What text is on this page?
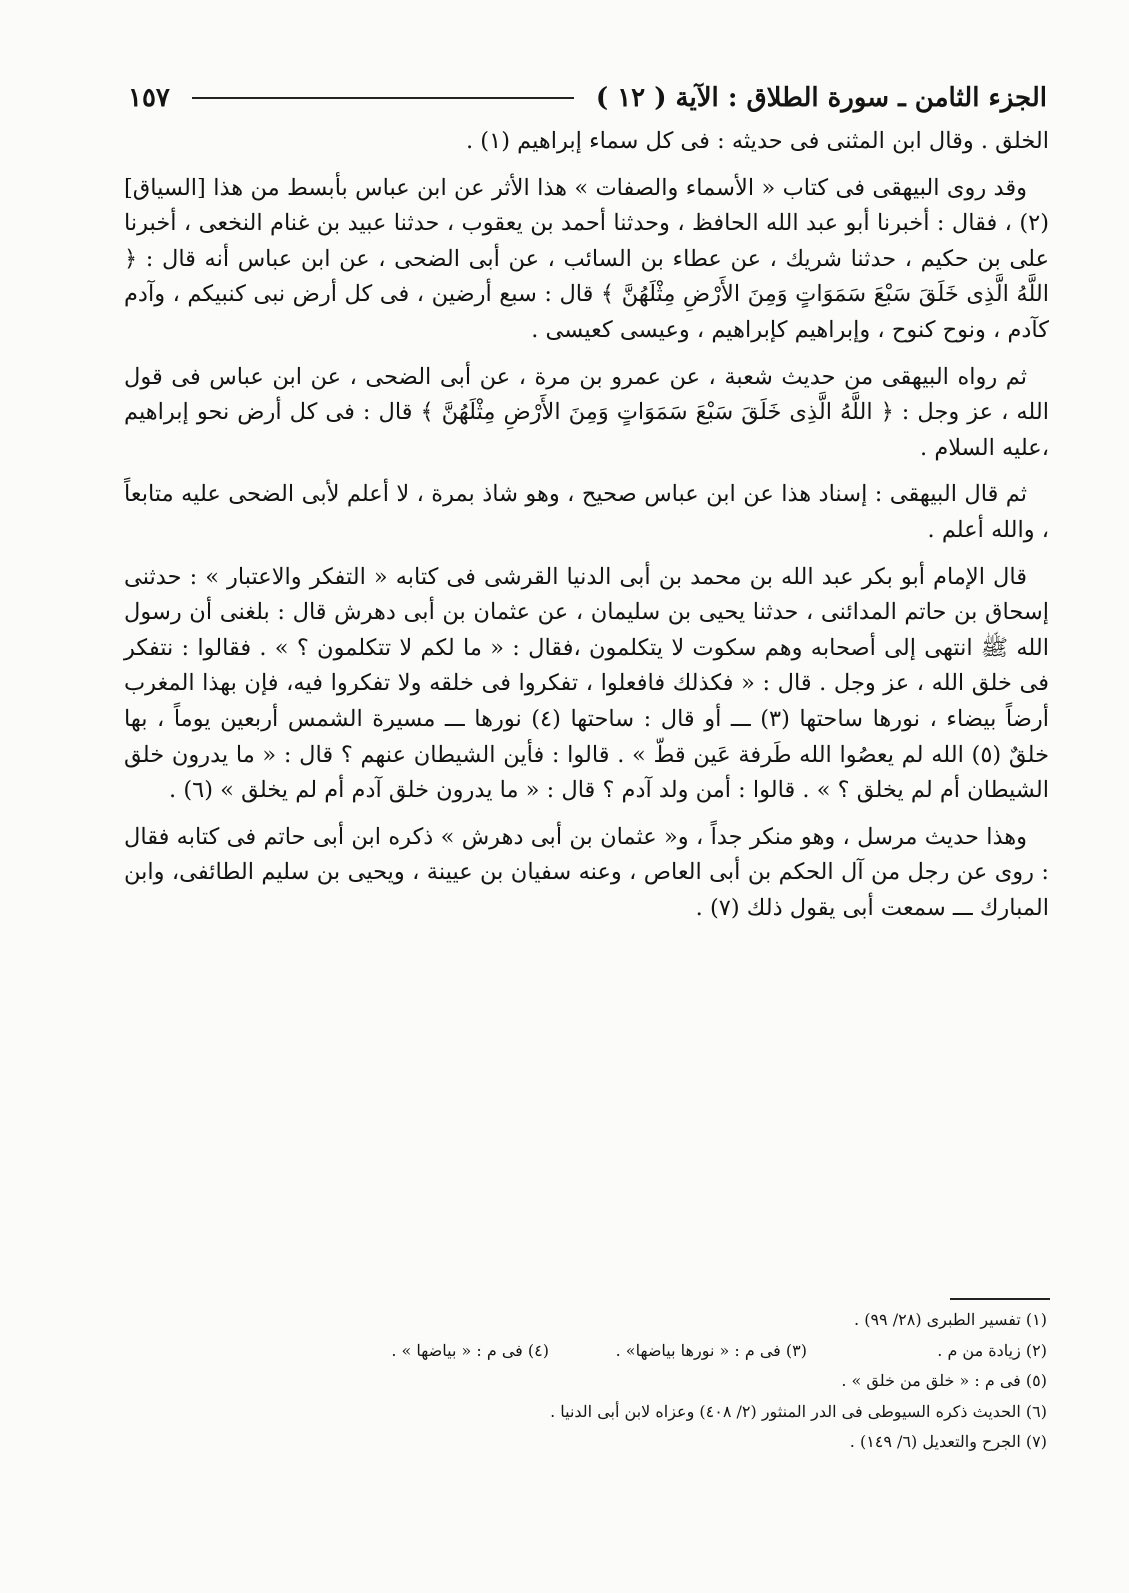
الجزء الثامن ـ سورة الطلاق : الآية ( ١٢ )
١٥٧

الخلق . وقال ابن المثنى فى حديثه : فى كل سماء إبراهيم (١) .

وقد روى البيهقى فى كتاب « الأسماء والصفات » هذا الأثر عن ابن عباس بأبسط من هذا [السياق](٢) ، فقال : أخبرنا أبو عبد الله الحافظ ، وحدثنا أحمد بن يعقوب ، حدثنا عبيد بن غنام النخعى ، أخبرنا على بن حكيم ، حدثنا شريك ، عن عطاء بن السائب ، عن أبى الضحى ، عن ابن عباس أنه قال : ﴿ اللَّهُ الَّذِى خَلَقَ سَبْعَ سَمَوَاتٍ وَمِنَ الأَرْضِ مِثْلَهُنَّ ﴾ قال : سبع أرضين ، فى كل أرض نبى كنبيكم ، وآدم كآدم ، ونوح كنوح ، وإبراهيم كإبراهيم ، وعيسى كعيسى .

ثم رواه البيهقى من حديث شعبة ، عن عمرو بن مرة ، عن أبى الضحى ، عن ابن عباس فى قول الله ، عز وجل : ﴿ اللَّهُ الَّذِى خَلَقَ سَبْعَ سَمَوَاتٍ وَمِنَ الأَرْضِ مِثْلَهُنَّ ﴾ قال : فى كل أرض نحو إبراهيم ،عليه السلام .

ثم قال البيهقى : إسناد هذا عن ابن عباس صحيح ، وهو شاذ بمرة ، لا أعلم لأبى الضحى عليه متابعاً ، والله أعلم .

قال الإمام أبو بكر عبد الله بن محمد بن أبى الدنيا القرشى فى كتابه « التفكر والاعتبار » : حدثنى إسحاق بن حاتم المدائنى ، حدثنا يحيى بن سليمان ، عن عثمان بن أبى دهرش قال : بلغنى أن رسول الله ﷺ انتهى إلى أصحابه وهم سكوت لا يتكلمون ،فقال : « ما لكم لا تتكلمون ؟ » . فقالوا : نتفكر فى خلق الله ، عز وجل . قال : « فكذلك فافعلوا ، تفكروا فى خلقه ولا تفكروا فيه، فإن بهذا المغرب أرضاً بيضاء ، نورها ساحتها (٣) ـــ أو قال : ساحتها (٤) نورها ـــ مسيرة الشمس أربعين يوماً ، بها خلقٌ (٥) الله لم يعصُوا الله طَرفة عَين قطّ » . قالوا : فأين الشيطان عنهم ؟ قال : « ما يدرون خلق الشيطان أم لم يخلق ؟ » . قالوا : أمن ولد آدم ؟ قال : « ما يدرون خلق آدم أم لم يخلق » (٦) .

وهذا حديث مرسل ، وهو منكر جداً ، و« عثمان بن أبى دهرش » ذكره ابن أبى حاتم فى كتابه فقال : روى عن رجل من آل الحكم بن أبى العاص ، وعنه سفيان بن عيينة ، ويحيى بن سليم الطائفى، وابن المبارك ـــ سمعت أبى يقول ذلك (٧) .

(١) تفسير الطبرى (٢٨/ ٩٩) .
(٢) زيادة من م .
(٣) فى م : « نورها بياضها» .
(٤) فى م : « بياضها » .
(٥) فى م : « خلق من خلق » .
(٦) الحديث ذكره السيوطى فى الدر المنثور (٢/ ٤٠٨) وعزاه لابن أبى الدنيا .
(٧) الجرح والتعديل (٦/ ١٤٩) .
